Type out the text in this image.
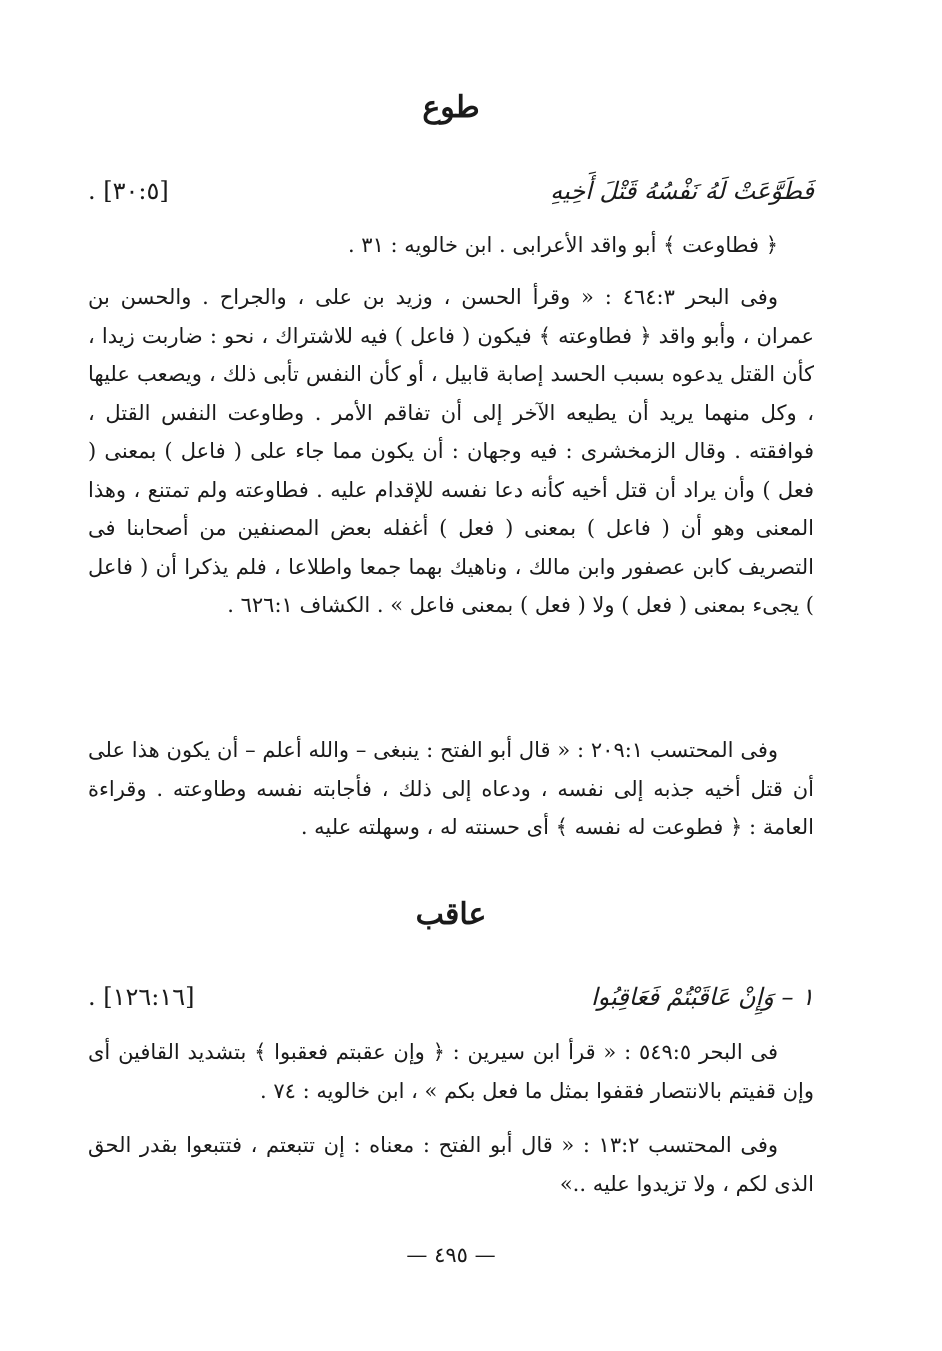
طوع
فَطَوَّعَتْ لَهُ نَفْسُهُ قَتْلَ أَخِيهِ
. [٣٠:٥]

﴿ فطاوعت ﴾ أبو واقد الأعرابى . ابن خالويه : ٣١ .

وفى البحر ٤٦٤:٣ : « وقرأ الحسن ، وزيد بن على ، والجراح . والحسن بن عمران ، وأبو واقد ﴿ فطاوعته ﴾ فيكون ( فاعل ) فيه للاشتراك ، نحو : ضاربت زيدا ، كأن القتل يدعوه بسبب الحسد إصابة قابيل ، أو كأن النفس تأبى ذلك ، ويصعب عليها ، وكل منهما يريد أن يطيعه الآخر إلى أن تفاقم الأمر . وطاوعت النفس القتل ، فوافقته . وقال الزمخشرى : فيه وجهان : أن يكون مما جاء على ( فاعل ) بمعنى ( فعل ) وأن يراد أن قتل أخيه كأنه دعا نفسه للإقدام عليه . فطاوعته ولم تمتنع ، وهذا المعنى وهو أن ( فاعل ) بمعنى ( فعل ) أغفله بعض المصنفين من أصحابنا فى التصريف كابن عصفور وابن مالك ، وناهيك بهما جمعا واطلاعا ، فلم يذكرا أن ( فاعل ) يجىء بمعنى ( فعل ) ولا ( فعل ) بمعنى فاعل » . الكشاف ٦٢٦:١ .

وفى المحتسب ٢٠٩:١ : « قال أبو الفتح : ينبغى – والله أعلم – أن يكون هذا على أن قتل أخيه جذبه إلى نفسه ، ودعاه إلى ذلك ، فأجابته نفسه وطاوعته . وقراءة العامة : ﴿ فطوعت له نفسه ﴾ أى حسنته له ، وسهلته عليه .

عاقب
١ – وَإِنْ عَاقَبْتُمْ فَعَاقِبُوا
. [١٢٦:١٦]

فى البحر ٥٤٩:٥ : « قرأ ابن سيرين : ﴿ وإن عقبتم فعقبوا ﴾ بتشديد القافين أى وإن قفيتم بالانتصار فقفوا بمثل ما فعل بكم » ، ابن خالويه : ٧٤ .

وفى المحتسب ١٣:٢ : « قال أبو الفتح : معناه : إن تتبعتم ، فتتبعوا بقدر الحق الذى لكم ، ولا تزيدوا عليه ..»

— ٤٩٥ —
